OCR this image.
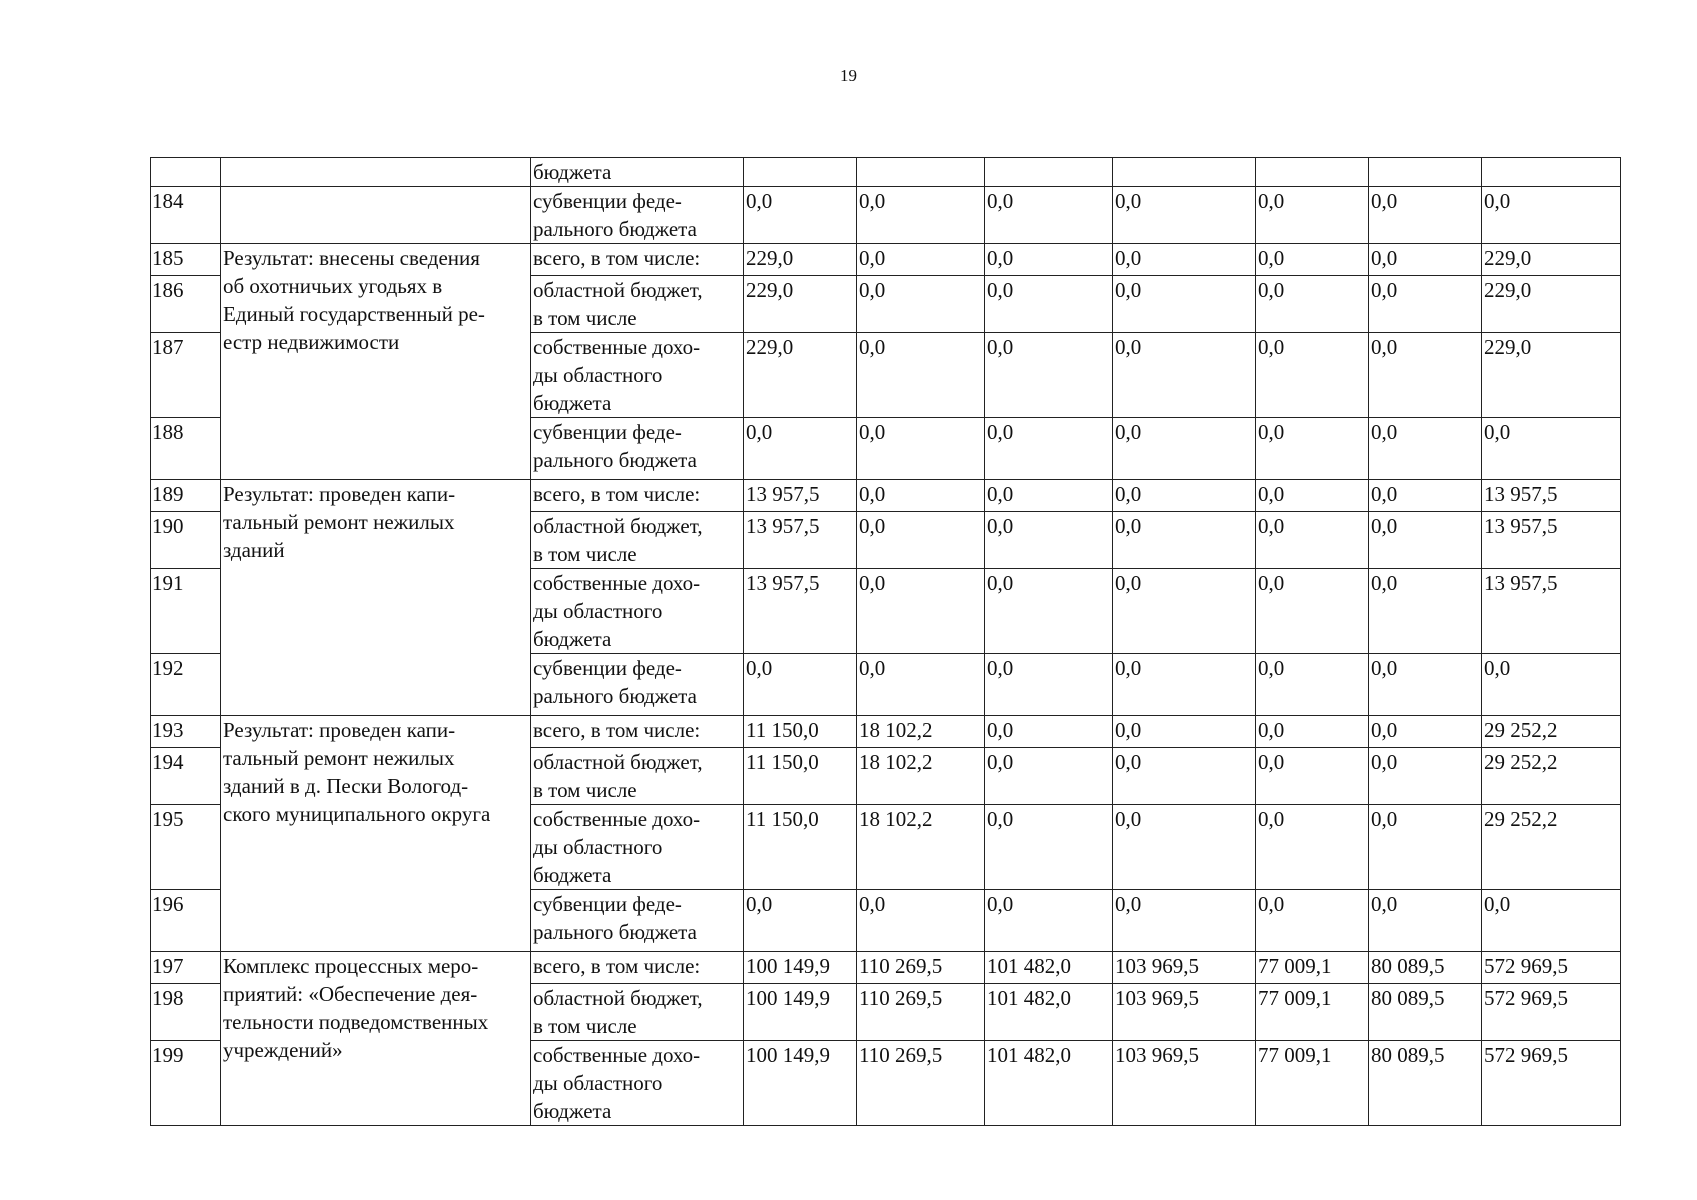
19
		бюджета							
184		субвенции феде-
рального бюджета	0,0	0,0	0,0	0,0	0,0	0,0	0,0
185	Результат: внесены сведения
об охотничьих угодьях в
Единый государственный ре-
естр недвижимости	всего, в том числе:	229,0	0,0	0,0	0,0	0,0	0,0	229,0
186		областной бюджет,
в том числе	229,0	0,0	0,0	0,0	0,0	0,0	229,0
187		собственные дохо-
ды областного
бюджета	229,0	0,0	0,0	0,0	0,0	0,0	229,0
188		субвенции феде-
рального бюджета	0,0	0,0	0,0	0,0	0,0	0,0	0,0
189	Результат: проведен капи-
тальный ремонт нежилых
зданий	всего, в том числе:	13 957,5	0,0	0,0	0,0	0,0	0,0	13 957,5
190		областной бюджет,
в том числе	13 957,5	0,0	0,0	0,0	0,0	0,0	13 957,5
191		собственные дохо-
ды областного
бюджета	13 957,5	0,0	0,0	0,0	0,0	0,0	13 957,5
192		субвенции феде-
рального бюджета	0,0	0,0	0,0	0,0	0,0	0,0	0,0
193	Результат: проведен капи-
тальный ремонт нежилых
зданий в д. Пески Вологод-
ского муниципального округа	всего, в том числе:	11 150,0	18 102,2	0,0	0,0	0,0	0,0	29 252,2
194		областной бюджет,
в том числе	11 150,0	18 102,2	0,0	0,0	0,0	0,0	29 252,2
195		собственные дохо-
ды областного
бюджета	11 150,0	18 102,2	0,0	0,0	0,0	0,0	29 252,2
196		субвенции феде-
рального бюджета	0,0	0,0	0,0	0,0	0,0	0,0	0,0
197	Комплекс процессных меро-
приятий: «Обеспечение дея-
тельности подведомственных
учреждений»	всего, в том числе:	100 149,9	110 269,5	101 482,0	103 969,5	77 009,1	80 089,5	572 969,5
198		областной бюджет,
в том числе	100 149,9	110 269,5	101 482,0	103 969,5	77 009,1	80 089,5	572 969,5
199		собственные дохо-
ды областного
бюджета	100 149,9	110 269,5	101 482,0	103 969,5	77 009,1	80 089,5	572 969,5
